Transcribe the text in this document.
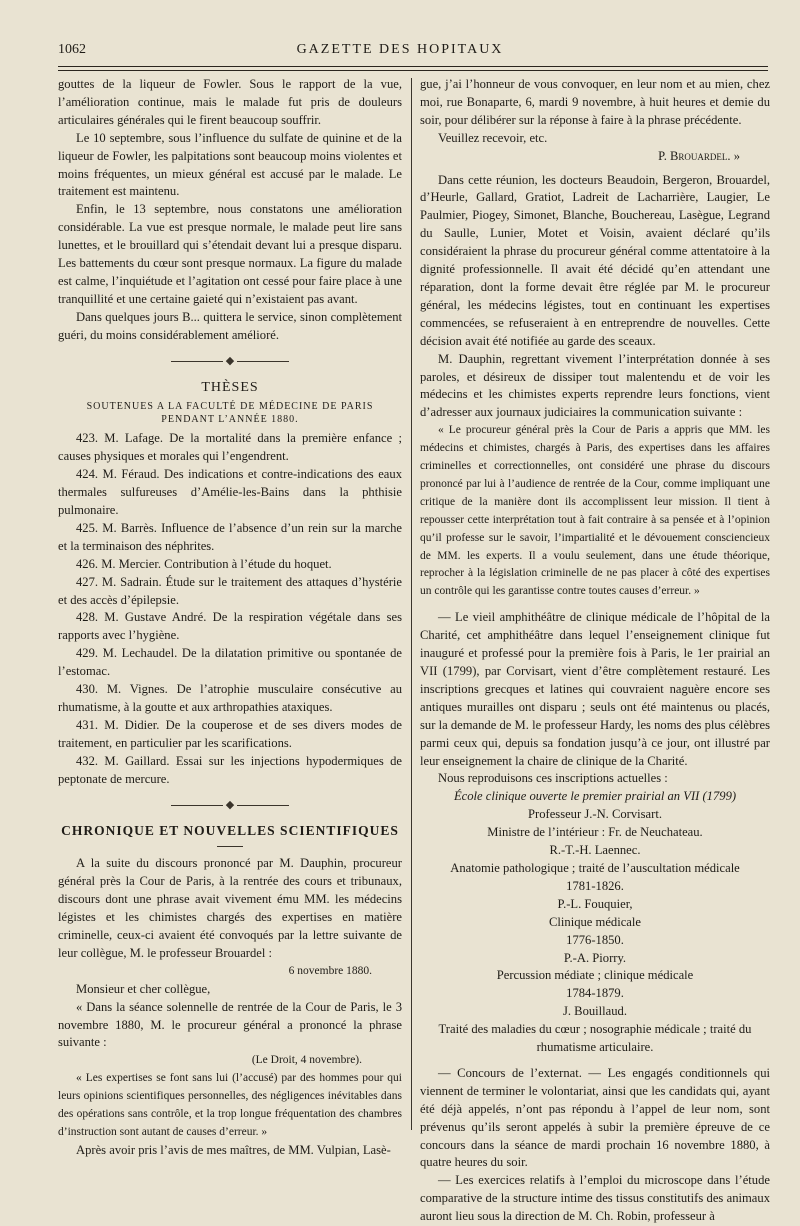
1062	GAZETTE DES HOPITAUX

gouttes de la liqueur de Fowler. Sous le rapport de la vue, l’amélioration continue, mais le malade fut pris de douleurs articulaires générales qui le firent beaucoup souffrir.

Le 10 septembre, sous l’influence du sulfate de quinine et de la liqueur de Fowler, les palpitations sont beaucoup moins violentes et moins fréquentes, un mieux général est accusé par le malade. Le traitement est maintenu.

Enfin, le 13 septembre, nous constatons une amélioration considérable. La vue est presque normale, le malade peut lire sans lunettes, et le brouillard qui s’étendait devant lui a presque disparu. Les battements du cœur sont presque normaux. La figure du malade est calme, l’inquiétude et l’agitation ont cessé pour faire place à une tranquillité et une certaine gaieté qui n’existaient pas avant.

Dans quelques jours B... quittera le service, sinon complètement guéri, du moins considérablement amélioré.

◆
THÈSES
SOUTENUES A LA FACULTÉ DE MÉDECINE DE PARIS
PENDANT L’ANNÉE 1880.

423. M. Lafage. De la mortalité dans la première enfance ; causes physiques et morales qui l’engendrent.

424. M. Féraud. Des indications et contre-indications des eaux thermales sulfureuses d’Amélie-les-Bains dans la phthisie pulmonaire.

425. M. Barrès. Influence de l’absence d’un rein sur la marche et la terminaison des néphrites.

426. M. Mercier. Contribution à l’étude du hoquet.

427. M. Sadrain. Étude sur le traitement des attaques d’hystérie et des accès d’épilepsie.

428. M. Gustave André. De la respiration végétale dans ses rapports avec l’hygiène.

429. M. Lechaudel. De la dilatation primitive ou spontanée de l’estomac.

430. M. Vignes. De l’atrophie musculaire consécutive au rhumatisme, à la goutte et aux arthropathies ataxiques.

431. M. Didier. De la couperose et de ses divers modes de traitement, en particulier par les scarifications.

432. M. Gaillard. Essai sur les injections hypodermiques de peptonate de mercure.

◆
CHRONIQUE ET NOUVELLES SCIENTIFIQUES

A la suite du discours prononcé par M. Dauphin, procureur général près la Cour de Paris, à la rentrée des cours et tribunaux, discours dont une phrase avait vivement ému MM. les médecins légistes et les chimistes chargés des expertises en matière criminelle, ceux-ci avaient été convoqués par la lettre suivante de leur collègue, M. le professeur Brouardel :

6 novembre 1880.

Monsieur et cher collègue,

« Dans la séance solennelle de rentrée de la Cour de Paris, le 3 novembre 1880, M. le procureur général a prononcé la phrase suivante :

(Le Droit, 4 novembre).

« Les expertises se font sans lui (l’accusé) par des hommes pour qui leurs opinions scientifiques personnelles, des négligences inévitables dans des opérations sans contrôle, et la trop longue fréquentation des chambres d’instruction sont autant de causes d’erreur. »

Après avoir pris l’avis de mes maîtres, de MM. Vulpian, Lasè-

gue, j’ai l’honneur de vous convoquer, en leur nom et au mien, chez moi, rue Bonaparte, 6, mardi 9 novembre, à huit heures et demie du soir, pour délibérer sur la réponse à faire à la phrase précédente.

Veuillez recevoir, etc.

P. Brouardel. »

Dans cette réunion, les docteurs Beaudoin, Bergeron, Brouardel, d’Heurle, Gallard, Gratiot, Ladreit de Lacharrière, Laugier, Le Paulmier, Piogey, Simonet, Blanche, Bouchereau, Lasègue, Legrand du Saulle, Lunier, Motet et Voisin, avaient déclaré qu’ils considéraient la phrase du procureur général comme attentatoire à la dignité professionnelle. Il avait été décidé qu’en attendant une réparation, dont la forme devait être réglée par M. le procureur général, les médecins légistes, tout en continuant les expertises commencées, se refuseraient à en entreprendre de nouvelles. Cette décision avait été notifiée au garde des sceaux.

M. Dauphin, regrettant vivement l’interprétation donnée à ses paroles, et désireux de dissiper tout malentendu et de voir les médecins et les chimistes experts reprendre leurs fonctions, vient d’adresser aux journaux judiciaires la communication suivante :

« Le procureur général près la Cour de Paris a appris que MM. les médecins et chimistes, chargés à Paris, des expertises dans les affaires criminelles et correctionnelles, ont considéré une phrase du discours prononcé par lui à l’audience de rentrée de la Cour, comme impliquant une critique de la manière dont ils accomplissent leur mission. Il tient à repousser cette interprétation tout à fait contraire à sa pensée et à l’opinion qu’il professe sur le savoir, l’impartialité et le dévouement consciencieux de MM. les experts. Il a voulu seulement, dans une étude théorique, reprocher à la législation criminelle de ne pas placer à côté des expertises un contrôle qui les garantisse contre toutes causes d’erreur. »

— Le vieil amphithéâtre de clinique médicale de l’hôpital de la Charité, cet amphithéâtre dans lequel l’enseignement clinique fut inauguré et professé pour la première fois à Paris, le 1er prairial an VII (1799), par Corvisart, vient d’être complètement restauré. Les inscriptions grecques et latines qui couvraient naguère encore ses antiques murailles ont disparu ; seuls ont été maintenus ou placés, sur la demande de M. le professeur Hardy, les noms des plus célèbres parmi ceux qui, depuis sa fondation jusqu’à ce jour, ont illustré par leur enseignement la chaire de clinique de la Charité.

Nous reproduisons ces inscriptions actuelles :

École clinique ouverte le premier prairial an VII (1799)
Professeur J.-N. Corvisart.
Ministre de l’intérieur : Fr. de Neuchateau.
R.-T.-H. Laennec.
Anatomie pathologique ; traité de l’auscultation médicale
1781-1826.
P.-L. Fouquier,
Clinique médicale
1776-1850.
P.-A. Piorry.
Percussion médiate ; clinique médicale
1784-1879.
J. Bouillaud.
Traité des maladies du cœur ; nosographie médicale ; traité du rhumatisme articulaire.

— Concours de l’externat. — Les engagés conditionnels qui viennent de terminer le volontariat, ainsi que les candidats qui, ayant été déjà appelés, n’ont pas répondu à l’appel de leur nom, sont prévenus qu’ils seront appelés à subir la première épreuve de ce concours dans la séance de mardi prochain 16 novembre 1880, à quatre heures du soir.

— Les exercices relatifs à l’emploi du microscope dans l’étude comparative de la structure intime des tissus constitutifs des animaux auront lieu sous la direction de M. Ch. Robin, professeur à
